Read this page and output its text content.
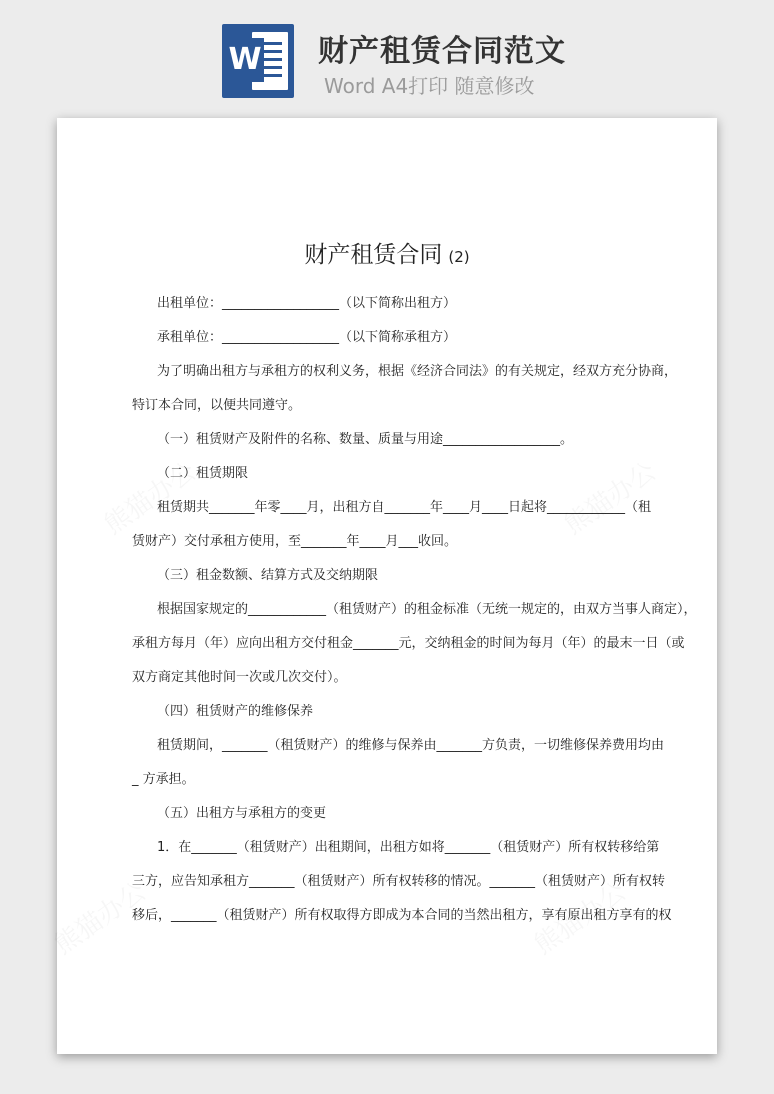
W 财产租赁合同范文
Word A4打印 随意修改
财产租赁合同 (2)
出租单位：__________________（以下简称出租方）
承租单位：__________________（以下简称承租方）
为了明确出租方与承租方的权利义务，根据《经济合同法》的有关规定，经双方充分协商，
特订本合同，以便共同遵守。
（一）租赁财产及附件的名称、数量、质量与用途__________________。
（二）租赁期限
租赁期共_______年零____月，出租方自_______年____月____日起将____________（租
赁财产）交付承租方使用，至_______年____月___收回。
（三）租金数额、结算方式及交纳期限
根据国家规定的____________（租赁财产）的租金标准（无统一规定的，由双方当事人商定），
承租方每月（年）应向出租方交付租金_______元，交纳租金的时间为每月（年）的最末一日（或
双方商定其他时间一次或几次交付）。
（四）租赁财产的维修保养
租赁期间，_______（租赁财产）的维修与保养由_______方负责，一切维修保养费用均由
_ 方承担。
（五）出租方与承租方的变更
1．在_______（租赁财产）出租期间，出租方如将_______（租赁财产）所有权转移给第
三方，应告知承租方_______（租赁财产）所有权转移的情况。_______（租赁财产）所有权转
移后，_______（租赁财产）所有权取得方即成为本合同的当然出租方，享有原出租方享有的权
